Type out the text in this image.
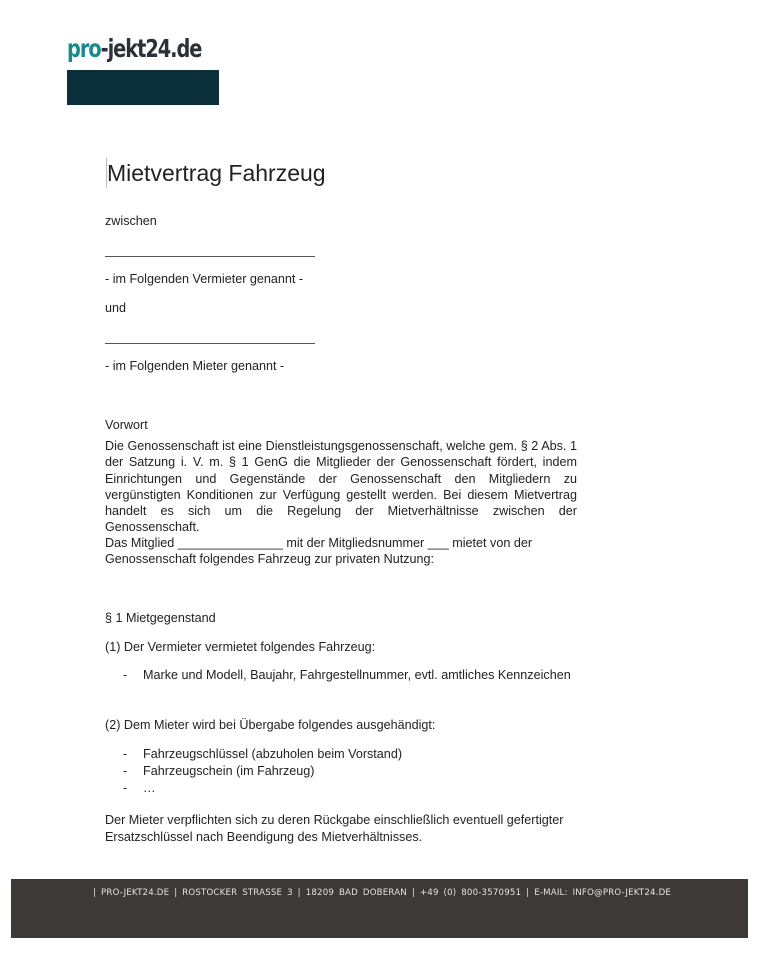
pro-jekt24.de
Mietvertrag Fahrzeug
zwischen
- im Folgenden Vermieter genannt -
und
- im Folgenden Mieter genannt -
Vorwort
Die Genossenschaft ist eine Dienstleistungsgenossenschaft, welche gem. § 2 Abs. 1 der Satzung i. V. m. § 1 GenG die Mitglieder der Genossenschaft fördert, indem Einrichtungen und Gegenstände der Genossenschaft den Mitgliedern zu vergünstigten Konditionen zur Verfügung gestellt werden. Bei diesem Mietvertrag handelt es sich um die Regelung der Mietverhältnisse zwischen der Genossenschaft.
Das Mitglied _______________ mit der Mitgliedsnummer ___ mietet von der
Genossenschaft folgendes Fahrzeug zur privaten Nutzung:
§ 1 Mietgegenstand
(1) Der Vermieter vermietet folgendes Fahrzeug:
- Marke und Modell, Baujahr, Fahrgestellnummer, evtl. amtliches Kennzeichen
(2) Dem Mieter wird bei Übergabe folgendes ausgehändigt:
- Fahrzeugschlüssel (abzuholen beim Vorstand)
- Fahrzeugschein (im Fahrzeug)
- …
Der Mieter verpflichten sich zu deren Rückgabe einschließlich eventuell gefertigter
Ersatzschlüssel nach Beendigung des Mietverhältnisses.
| PRO-JEKT24.DE | ROSTOCKER STRASSE 3 | 18209 BAD DOBERAN | +49 (0) 800-3570951 | E-MAIL: INFO@PRO-JEKT24.DE
